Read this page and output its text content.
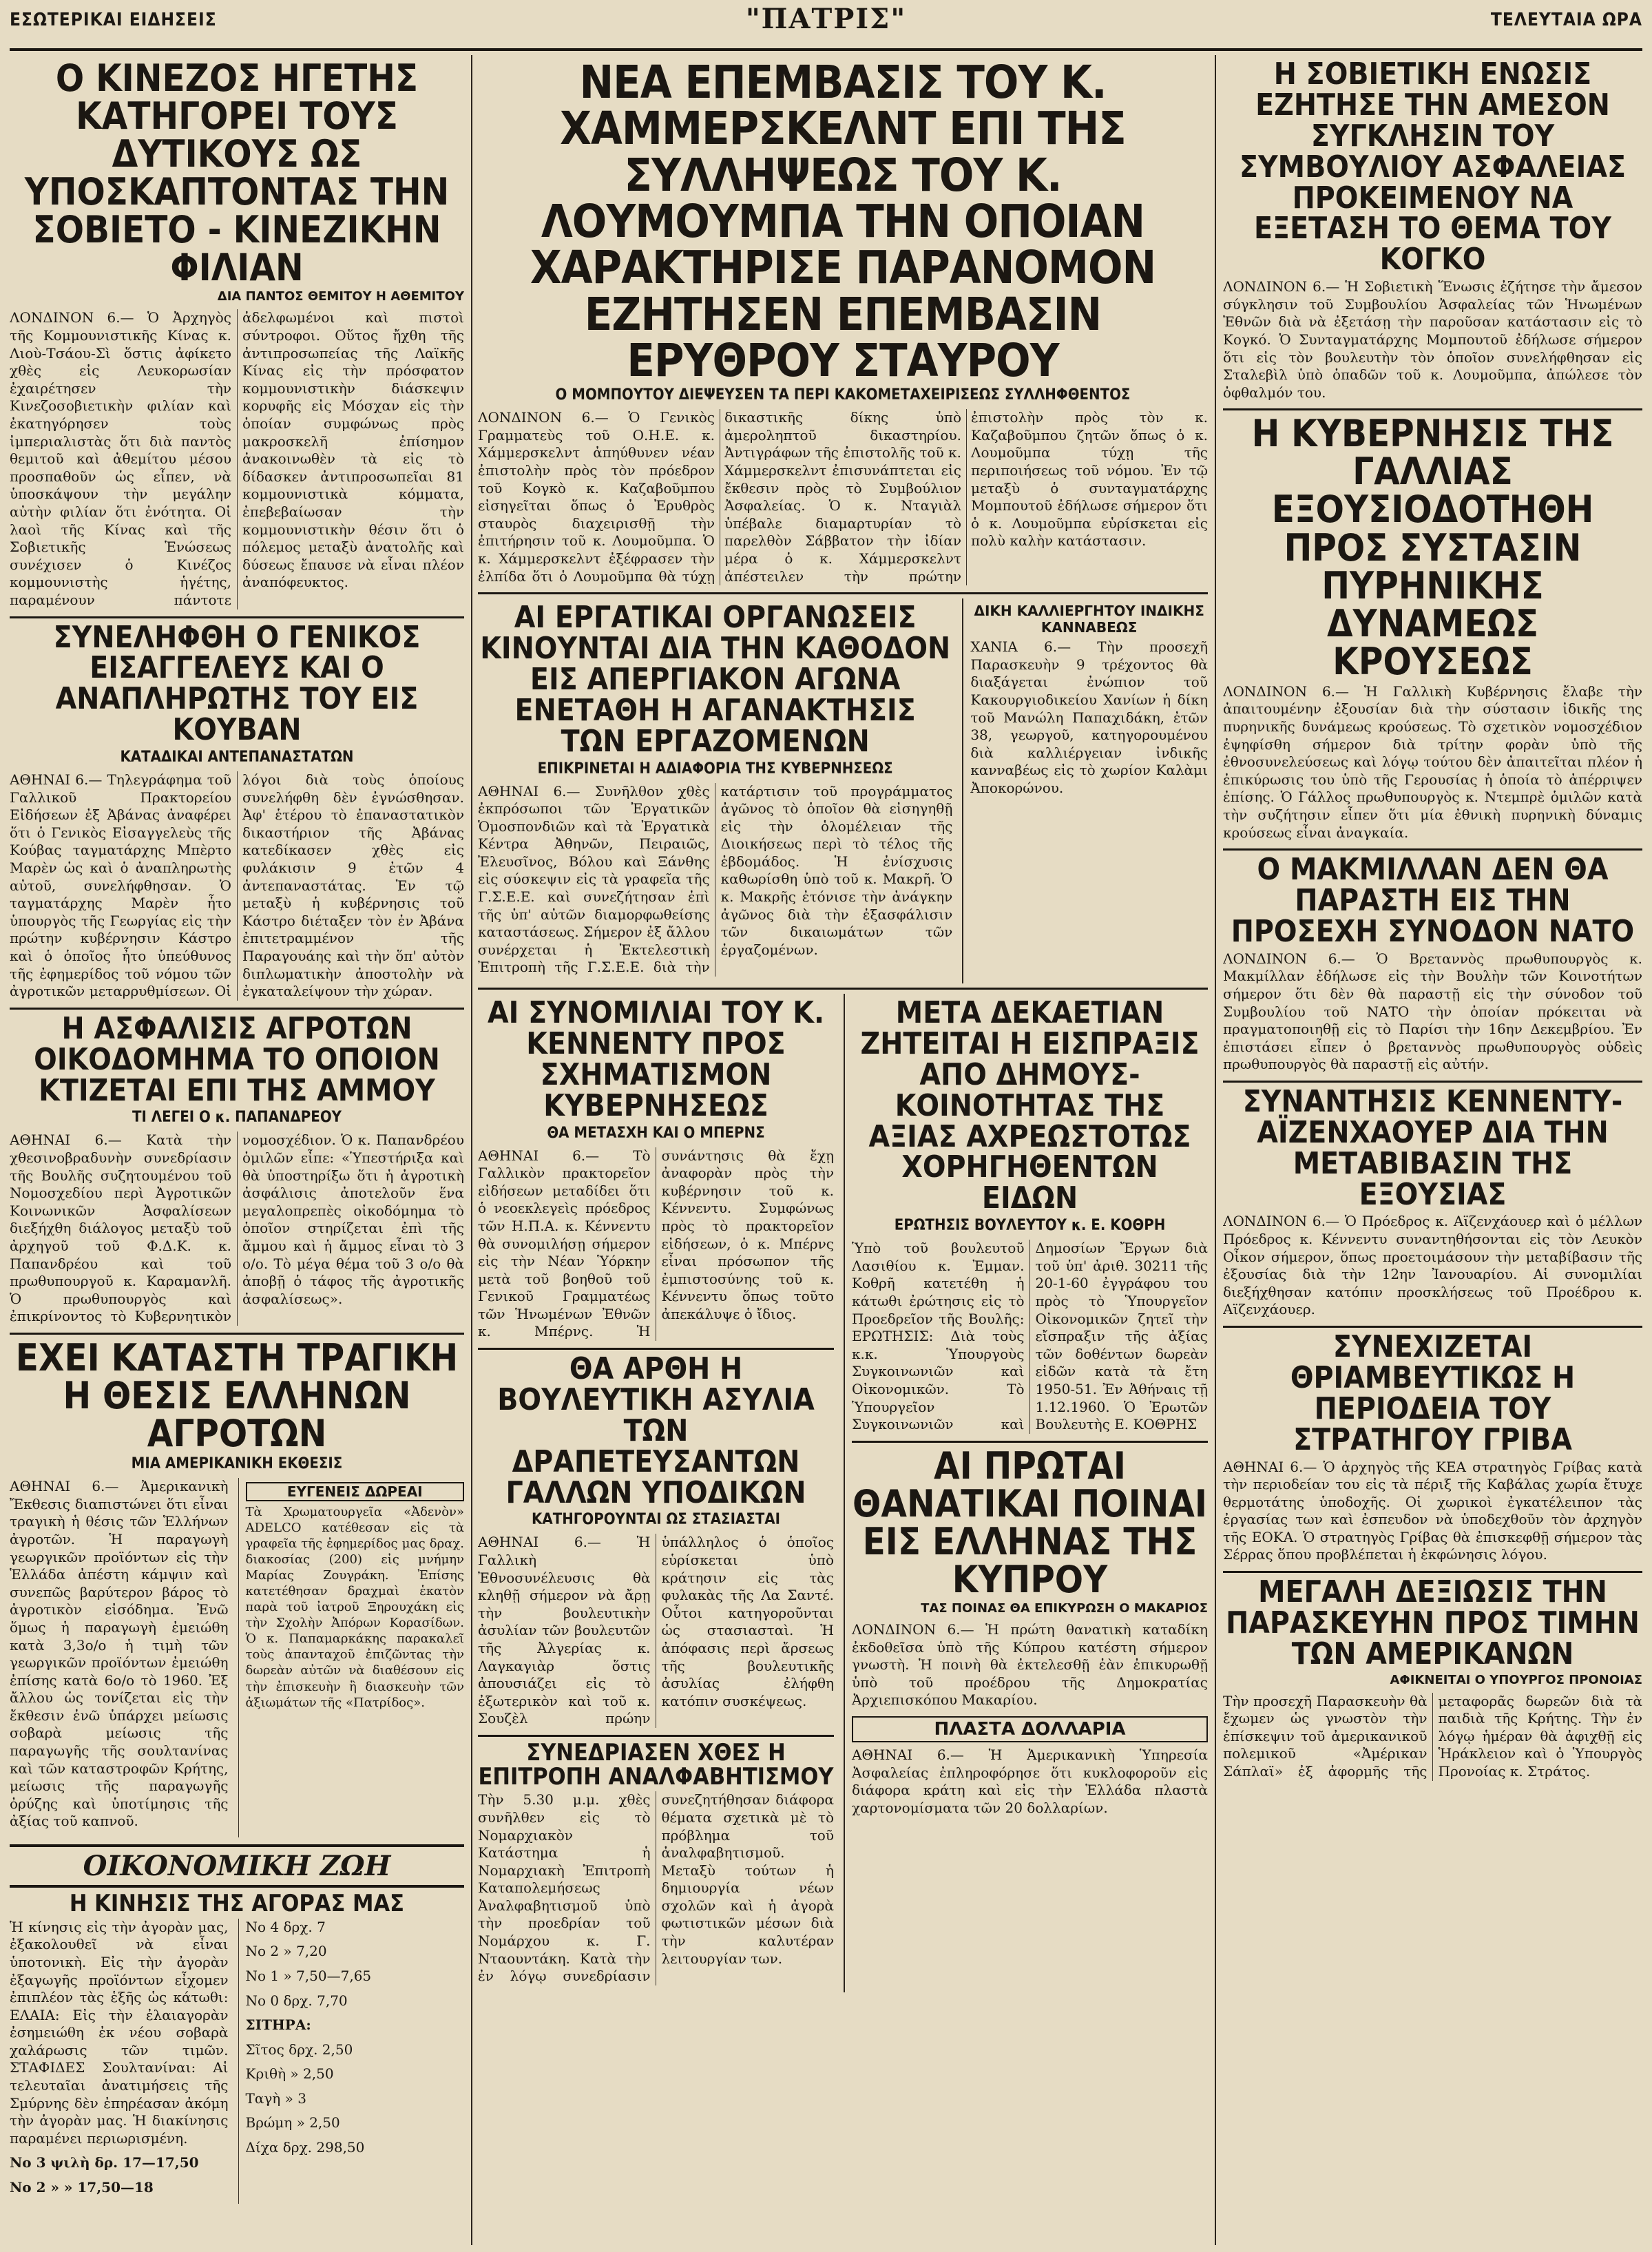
ΕΣΩΤΕΡΙΚΑΙ ΕΙΔΗΣΕΙΣ	"ΠΑΤΡΙΣ"	ΤΕΛΕΥΤΑΙΑ ΩΡΑ
Ο ΚΙΝΕΖΟΣ ΗΓΕΤΗΣ ΚΑΤΗΓΟΡΕΙ ΤΟΥΣ ΔΥΤΙΚΟΥΣ ΩΣ ΥΠΟΣΚΑΠΤΟΝΤΑΣ ΤΗΝ ΣΟΒΙΕΤΟ - ΚΙΝΕΖΙΚΗΝ ΦΙΛΙΑΝ
ΔΙΑ ΠΑΝΤΟΣ ΘΕΜΙΤΟΥ Η ΑΘΕΜΙΤΟΥ
ΛΟΝΔΙΝΟΝ 6.— Ὁ Ἀρχηγὸς τῆς Κομμουνιστικῆς Κίνας κ. Λιοὺ-Τσάου-Σὶ ὅστις ἀφίκετο χθὲς εἰς Λευκορωσίαν ἐχαιρέτησεν τὴν Κινεζοσοβιετικὴν φιλίαν καὶ ἐκατηγόρησεν τοὺς ἰμπεριαλιστὰς ὅτι διὰ παντὸς θεμιτοῦ καὶ ἀθεμίτου μέσου προσπαθοῦν ὡς εἶπεν, νὰ ὑποσκάψουν τὴν μεγάλην αὐτὴν φιλίαν ὅτι ἐνότητα. Οἱ λαοὶ τῆς Κίνας καὶ τῆς Σοβιετικῆς Ἑνώσεως συνέχισεν ὁ Κινέζος κομμουνιστὴς ἡγέτης, παραμένουν πάντοτε ἀδελφωμένοι καὶ πιστοὶ σύντροφοι. Οὕτος ἤχθη τῆς ἀντιπροσωπείας τῆς Λαϊκῆς Κίνας εἰς τὴν πρόσφατον κομμουνιστικὴν διάσκεψιν κορυφῆς εἰς Μόσχαν εἰς τὴν ὁποίαν συμφώνως πρὸς μακροσκελῆ ἐπίσημον ἀνακοινωθὲν τὰ εἰς τὸ δίδασκεν ἀντιπροσωπεῖαι 81 κομμουνιστικὰ κόμματα, ἐπεβεβαίωσαν τὴν κομμουνιστικὴν θέσιν ὅτι ὁ πόλεμος μεταξὺ ἀνατολῆς καὶ δύσεως ἔπαυσε νὰ εἶναι πλέον ἀναπόφευκτος.
ΣΥΝΕΛΗΦΘΗ Ο ΓΕΝΙΚΟΣ ΕΙΣΑΓΓΕΛΕΥΣ ΚΑΙ Ο ΑΝΑΠΛΗΡΩΤΗΣ ΤΟΥ ΕΙΣ ΚΟΥΒΑΝ
ΚΑΤΑΔΙΚΑΙ ΑΝΤΕΠΑΝΑΣΤΑΤΩΝ
ΑΘΗΝΑΙ 6.— Τηλεγράφημα τοῦ Γαλλικοῦ Πρακτορείου Εἰδήσεων ἐξ Ἀβάνας ἀναφέρει ὅτι ὁ Γενικὸς Εἰσαγγελεὺς τῆς Κούβας ταγματάρχης Μπὲρτο Μαρὲν ὡς καὶ ὁ ἀναπληρωτὴς αὐτοῦ, συνελήφθησαν. Ὁ ταγματάρχης Μαρὲν ἦτο ὑπουργὸς τῆς Γεωργίας εἰς τὴν πρώτην κυβέρνησιν Κάστρο καὶ ὁ ὁποῖος ἦτο ὑπεύθυνος τῆς ἐφημερίδος τοῦ νόμου τῶν ἀγροτικῶν μεταρρυθμίσεων. Οἱ λόγοι διὰ τοὺς ὁποίους συνελήφθη δὲν ἐγνώσθησαν. Ἀφ' ἑτέρου τὸ ἐπαναστατικὸν δικαστήριον τῆς Ἀβάνας κατεδίκασεν χθὲς εἰς φυλάκισιν 9 ἐτῶν 4 ἀντεπαναστάτας. Ἐν τῷ μεταξὺ ἡ κυβέρνησις τοῦ Κάστρο διέταξεν τὸν ἐν Ἀβάνα ἐπιτετραμμένον τῆς Παραγουάης καὶ τὴν ὅπ' αὐτὸν διπλωματικὴν ἀποστολὴν νὰ ἐγκαταλείψουν τὴν χώραν.
Η ΑΣΦΑΛΙΣΙΣ ΑΓΡΟΤΩΝ ΟΙΚΟΔΟΜΗΜΑ ΤΟ ΟΠΟΙΟΝ ΚΤΙΖΕΤΑΙ ΕΠΙ ΤΗΣ ΑΜΜΟΥ
ΤΙ ΛΕΓΕΙ Ο κ. ΠΑΠΑΝΔΡΕΟΥ
ΑΘΗΝΑΙ 6.— Κατὰ τὴν χθεσινοβραδυνὴν συνεδρίασιν τῆς Βουλῆς συζητουμένου τοῦ Νομοσχεδίου περὶ Ἀγροτικῶν Κοινωνικῶν Ἀσφαλίσεων διεξήχθη διάλογος μεταξὺ τοῦ ἀρχηγοῦ τοῦ Φ.Δ.Κ. κ. Παπανδρέου καὶ τοῦ πρωθυπουργοῦ κ. Καραμανλῆ. Ὁ πρωθυπουργὸς καὶ ἐπικρίνοντος τὸ Κυβερνητικὸν νομοσχέδιον. Ὁ κ. Παπανδρέου ὁμιλῶν εἶπε: «Ὑπεστήριξα καὶ θὰ ὑποστηρίξω ὅτι ἡ ἀγροτικὴ ἀσφάλισις ἀποτελοῦν ἕνα μεγαλοπρεπὲς οἰκοδόμημα τὸ ὁποῖον στηρίζεται ἐπὶ τῆς ἄμμου καὶ ἡ ἄμμος εἶναι τὸ 3 ο/ο. Τὸ μέγα θέμα τοῦ 3 ο/ο θὰ ἀποβῇ ὁ τάφος τῆς ἀγροτικῆς ἀσφαλίσεως».
ΕΧΕΙ ΚΑΤΑΣΤΗ ΤΡΑΓΙΚΗ Η ΘΕΣΙΣ ΕΛΛΗΝΩΝ ΑΓΡΟΤΩΝ
ΜΙΑ ΑΜΕΡΙΚΑΝΙΚΗ ΕΚΘΕΣΙΣ
ΑΘΗΝΑΙ 6.— Ἀμερικανικὴ Ἔκθεσις διαπιστώνει ὅτι εἶναι τραγικὴ ἡ θέσις τῶν Ἑλλήνων ἀγροτῶν. Ἡ παραγωγὴ γεωργικῶν προϊόντων εἰς τὴν Ἑλλάδα ἀπέστη κάμψιν καὶ συνεπῶς βαρύτερον βάρος τὸ ἀγροτικὸν εἰσόδημα. Ἐνῶ ὅμως ἡ παραγωγὴ ἐμειώθη κατὰ 3,3ο/ο ἡ τιμὴ τῶν γεωργικῶν προϊόντων ἐμειώθη ἐπίσης κατὰ 6ο/ο τὸ 1960. Ἐξ ἄλλου ὡς τονίζεται εἰς τὴν ἔκθεσιν ἐνῶ ὑπάρχει μείωσις σοβαρὰ μείωσις τῆς παραγωγῆς τῆς σουλτανίνας καὶ τῶν καταστροφῶν Κρήτης, μείωσις τῆς παραγωγῆς ὀρύζης καὶ ὑποτίμησις τῆς ἀξίας τοῦ καπνοῦ.
ΕΥΓΕΝΕΙΣ ΔΩΡΕΑΙ
Τὰ Χρωματουργεῖα «Ἀδενὸν» ADELCO κατέθεσαν εἰς τὰ γραφεῖα τῆς ἐφημερίδος μας δραχ. διακοσίας (200) εἰς μνήμην Μαρίας Ζουγράκη. Ἐπίσης κατετέθησαν δραχμαὶ ἑκατὸν παρὰ τοῦ ἰατροῦ Ξηρουχάκη εἰς τὴν Σχολὴν Ἀπόρων Κορασίδων. Ὁ κ. Παπαμαρκάκης παρακαλεῖ τοὺς ἀπανταχοῦ ἐπιζῶντας τὴν δωρεὰν αὐτῶν νὰ διαθέσουν εἰς τὴν ἐπισκευὴν ἢ διασκευὴν τῶν ἀξιωμάτων τῆς «Πατρίδος».
ΟΙΚΟΝΟΜΙΚΗ ΖΩΗ
Η ΚΙΝΗΣΙΣ ΤΗΣ ΑΓΟΡΑΣ ΜΑΣ
Ἡ κίνησις εἰς τὴν ἀγορὰν μας, ἐξακολουθεῖ νὰ εἶναι ὑποτονικὴ. Εἰς τὴν ἀγορὰν ἐξαγωγῆς προϊόντων εἶχομεν ἐπιπλέον τὰς ἑξῆς ὡς κάτωθι: ΕΛΑΙΑ: Εἰς τὴν ἐλαιαγορὰν ἐσημειώθη ἐκ νέου σοβαρὰ χαλάρωσις τῶν τιμῶν. ΣΤΑΦΙΔΕΣ Σουλτανίναι: Αἱ τελευταῖαι ἀνατιμήσεις τῆς Σμύρνης δὲν ἐπηρέασαν ἀκόμη τὴν ἀγορὰν μας. Ἡ διακίνησις παραμένει περιωρισμένη.
No 3 ψιλὴ δρ. 17—17,50
No 2 » » 17,50—18
No 4 δρχ. 7
No 2 » 7,20
No 1 » 7,50—7,65
No 0 δρχ. 7,70
ΣΙΤΗΡΑ:
Σῖτος δρχ. 2,50
Κριθὴ » 2,50
Ταγὴ » 3
Βρώμη » 2,50
Δίχα δρχ. 298,50
ΝΕΑ ΕΠΕΜΒΑΣΙΣ ΤΟΥ Κ. ΧΑΜΜΕΡΣΚΕΛΝΤ ΕΠΙ ΤΗΣ ΣΥΛΛΗΨΕΩΣ ΤΟΥ Κ. ΛΟΥΜΟΥΜΠΑ ΤΗΝ ΟΠΟΙΑΝ ΧΑΡΑΚΤΗΡΙΣΕ ΠΑΡΑΝΟΜΟΝ ΕΖΗΤΗΣΕΝ ΕΠΕΜΒΑΣΙΝ ΕΡΥΘΡΟΥ ΣΤΑΥΡΟΥ
Ο ΜΟΜΠΟΥΤΟΥ ΔΙΕΨΕΥΣΕΝ ΤΑ ΠΕΡΙ ΚΑΚΟΜΕΤΑΧΕΙΡΙΣΕΩΣ ΣΥΛΛΗΦΘΕΝΤΟΣ
ΛΟΝΔΙΝΟΝ 6.— Ὁ Γενικὸς Γραμματεὺς τοῦ Ο.Η.Ε. κ. Χάμμερσκελντ ἀπηύθυνεν νέαν ἐπιστολὴν πρὸς τὸν πρόεδρον τοῦ Κογκὸ κ. Καζαβοῦμπου εἰσηγεῖται ὅπως ὁ Ἐρυθρὸς σταυρὸς διαχειρισθῇ τὴν ἐπιτήρησιν τοῦ κ. Λουμοῦμπα. Ὁ κ. Χάμμερσκελντ ἐξέφρασεν τὴν ἐλπίδα ὅτι ὁ Λουμοῦμπα θὰ τύχῃ δικαστικῆς δίκης ὑπὸ ἀμεροληπτοῦ δικαστηρίου. Ἀντιγράφων τῆς ἐπιστολῆς τοῦ κ. Χάμμερσκελντ ἐπισυνάπτεται εἰς ἔκθεσιν πρὸς τὸ Συμβούλιον Ἀσφαλείας. Ὁ κ. Νταγιὰλ ὑπέβαλε διαμαρτυρίαν τὸ παρελθὸν Σάββατον τὴν ἰδίαν μέρα ὁ κ. Χάμμερσκελντ ἀπέστειλεν τὴν πρώτην ἐπιστολὴν πρὸς τὸν κ. Καζαβοῦμπου ζητῶν ὅπως ὁ κ. Λουμοῦμπα τύχῃ τῆς περιποιήσεως τοῦ νόμου. Ἐν τῷ μεταξὺ ὁ συνταγματάρχης Μομπουτοῦ ἐδήλωσε σήμερον ὅτι ὁ κ. Λουμοῦμπα εὑρίσκεται εἰς πολὺ καλὴν κατάστασιν.
ΑΙ ΕΡΓΑΤΙΚΑΙ ΟΡΓΑΝΩΣΕΙΣ ΚΙΝΟΥΝΤΑΙ ΔΙΑ ΤΗΝ ΚΑΘΟΔΟΝ ΕΙΣ ΑΠΕΡΓΙΑΚΟΝ ΑΓΩΝΑ ΕΝΕΤΑΘΗ Η ΑΓΑΝΑΚΤΗΣΙΣ ΤΩΝ ΕΡΓΑΖΟΜΕΝΩΝ
ΕΠΙΚΡΙΝΕΤΑΙ Η ΑΔΙΑΦΟΡΙΑ ΤΗΣ ΚΥΒΕΡΝΗΣΕΩΣ
ΑΘΗΝΑΙ 6.— Συνῆλθον χθὲς ἐκπρόσωποι τῶν Ἐργατικῶν Ὁμοσπονδιῶν καὶ τὰ Ἐργατικὰ Κέντρα Ἀθηνῶν, Πειραιῶς, Ἐλευσῖνος, Βόλου καὶ Ξάνθης εἰς σύσκεψιν εἰς τὰ γραφεῖα τῆς Γ.Σ.Ε.Ε. καὶ συνεζήτησαν ἐπὶ τῆς ὑπ' αὐτῶν διαμορφωθείσης καταστάσεως. Σήμερον ἐξ ἄλλου συνέρχεται ἡ Ἐκτελεστικὴ Ἐπιτροπὴ τῆς Γ.Σ.Ε.Ε. διὰ τὴν κατάρτισιν τοῦ προγράμματος ἀγῶνος τὸ ὁποῖον θὰ εἰσηγηθῇ εἰς τὴν ὁλομέλειαν τῆς Διοικήσεως περὶ τὸ τέλος τῆς ἑβδομάδος. Ἡ ἐνίσχυσις καθωρίσθη ὑπὸ τοῦ κ. Μακρῆ. Ὁ κ. Μακρῆς ἐτόνισε τὴν ἀνάγκην ἀγῶνος διὰ τὴν ἐξασφάλισιν τῶν δικαιωμάτων τῶν ἐργαζομένων.
ΔΙΚΗ ΚΑΛΛΙΕΡΓΗΤΟΥ ΙΝΔΙΚΗΣ ΚΑΝΝΑΒΕΩΣ
ΧΑΝΙΑ 6.— Τὴν προσεχῆ Παρασκευὴν 9 τρέχοντος θὰ διαξάγεται ἐνώπιον τοῦ Κακουργιοδικείου Χανίων ἡ δίκη τοῦ Μανώλη Παπαχιδάκη, ἐτῶν 38, γεωργοῦ, κατηγορουμένου διὰ καλλιέργειαν ἰνδικῆς κανναβέως εἰς τὸ χωρίον Καλὰμι Ἀποκορώνου.
ΑΙ ΣΥΝΟΜΙΛΙΑΙ ΤΟΥ Κ. ΚΕΝΝΕΝΤΥ ΠΡΟΣ ΣΧΗΜΑΤΙΣΜΟΝ ΚΥΒΕΡΝΗΣΕΩΣ
ΘΑ ΜΕΤΑΣΧΗ ΚΑΙ Ο ΜΠΕΡΝΣ
ΑΘΗΝΑΙ 6.— Τὸ Γαλλικὸν πρακτορεῖον εἰδήσεων μεταδίδει ὅτι ὁ νεοεκλεγεὶς πρόεδρος τῶν Η.Π.Α. κ. Κέννεντυ θὰ συνομιλήσῃ σήμερον εἰς τὴν Νέαν Ὑόρκην μετὰ τοῦ βοηθοῦ τοῦ Γενικοῦ Γραμματέως τῶν Ἡνωμένων Ἐθνῶν κ. Μπέρνς. Ἡ συνάντησις θὰ ἔχῃ ἀναφορὰν πρὸς τὴν κυβέρνησιν τοῦ κ. Κέννεντυ. Συμφώνως πρὸς τὸ πρακτορεῖον εἰδήσεων, ὁ κ. Μπέρνς εἶναι πρόσωπον τῆς ἐμπιστοσύνης τοῦ κ. Κέννεντυ ὅπως τοῦτο ἀπεκάλυψε ὁ ἴδιος.
ΘΑ ΑΡΘΗ Η ΒΟΥΛΕΥΤΙΚΗ ΑΣΥΛΙΑ ΤΩΝ ΔΡΑΠΕΤΕΥΣΑΝΤΩΝ ΓΑΛΛΩΝ ΥΠΟΔΙΚΩΝ
ΚΑΤΗΓΟΡΟΥΝΤΑΙ ΩΣ ΣΤΑΣΙΑΣΤΑΙ
ΑΘΗΝΑΙ 6.— Ἡ Γαλλικὴ Ἐθνοσυνέλευσις θὰ κληθῇ σήμερον νὰ ἄρῃ τὴν βουλευτικὴν ἀσυλίαν τῶν βουλευτῶν τῆς Ἀλγερίας κ. Λαγκαγιὰρ ὅστις ἀπουσιάζει εἰς τὸ ἐξωτερικὸν καὶ τοῦ κ. Σουζὲλ πρώην ὑπάλληλος ὁ ὁποῖος εὑρίσκεται ὑπὸ κράτησιν εἰς τὰς φυλακὰς τῆς Λα Σαντέ. Οὗτοι κατηγοροῦνται ὡς στασιασταὶ. Ἡ ἀπόφασις περὶ ἄρσεως τῆς βουλευτικῆς ἀσυλίας ἐλήφθη κατόπιν συσκέψεως.
ΣΥΝΕΔΡΙΑΣΕΝ ΧΘΕΣ Η ΕΠΙΤΡΟΠΗ ΑΝΑΛΦΑΒΗΤΙΣΜΟΥ
Τὴν 5.30 μ.μ. χθὲς συνῆλθεν εἰς τὸ Νομαρχιακὸν Κατάστημα ἡ Νομαρχιακὴ Ἐπιτροπὴ Καταπολεμήσεως Ἀναλφαβητισμοῦ ὑπὸ τὴν προεδρίαν τοῦ Νομάρχου κ. Γ. Νταουντάκη. Κατὰ τὴν ἐν λόγῳ συνεδρίασιν συνεζητήθησαν διάφορα θέματα σχετικὰ μὲ τὸ πρόβλημα τοῦ ἀναλφαβητισμοῦ. Μεταξὺ τούτων ἡ δημιουργία νέων σχολῶν καὶ ἡ ἀγορὰ φωτιστικῶν μέσων διὰ τὴν καλυτέραν λειτουργίαν των.
ΜΕΤΑ ΔΕΚΑΕΤΙΑΝ ΖΗΤΕΙΤΑΙ Η ΕΙΣΠΡΑΞΙΣ ΑΠΟ ΔΗΜΟΥΣ-ΚΟΙΝΟΤΗΤΑΣ ΤΗΣ ΑΞΙΑΣ ΑΧΡΕΩΣΤΟΤΩΣ ΧΟΡΗΓΗΘΕΝΤΩΝ ΕΙΔΩΝ
ΕΡΩΤΗΣΙΣ ΒΟΥΛΕΥΤΟΥ κ. Ε. ΚΟΘΡΗ
Ὑπὸ τοῦ βουλευτοῦ Λασιθίου κ. Ἐμμαν. Κοθρῆ κατετέθη ἡ κάτωθι ἐρώτησις εἰς τὸ Προεδρεῖον τῆς Βουλῆς: ΕΡΩΤΗΣΙΣ: Διὰ τοὺς κ.κ. Ὑπουργοὺς Συγκοινωνιῶν καὶ Οἰκονομικῶν. Τὸ Ὑπουργεῖον Συγκοινωνιῶν καὶ Δημοσίων Ἔργων διὰ τοῦ ὑπ' ἀριθ. 30211 τῆς 20-1-60 ἐγγράφου του πρὸς τὸ Ὑπουργεῖον Οἰκονομικῶν ζητεῖ τὴν εἴσπραξιν τῆς ἀξίας τῶν δοθέντων δωρεὰν εἰδῶν κατὰ τὰ ἔτη 1950-51. Ἐν Ἀθήναις τῇ 1.12.1960. Ὁ Ἐρωτῶν Βουλευτὴς Ε. ΚΟΘΡΗΣ
ΑΙ ΠΡΩΤΑΙ ΘΑΝΑΤΙΚΑΙ ΠΟΙΝΑΙ ΕΙΣ ΕΛΛΗΝΑΣ ΤΗΣ ΚΥΠΡΟΥ
ΤΑΣ ΠΟΙΝΑΣ ΘΑ ΕΠΙΚΥΡΩΣΗ Ο ΜΑΚΑΡΙΟΣ
ΛΟΝΔΙΝΟΝ 6.— Ἡ πρώτη θανατικὴ καταδίκη ἐκδοθεῖσα ὑπὸ τῆς Κύπρου κατέστη σήμερον γνωστὴ. Ἡ ποινὴ θὰ ἐκτελεσθῇ ἐὰν ἐπικυρωθῇ ὑπὸ τοῦ προέδρου τῆς Δημοκρατίας Ἀρχιεπισκόπου Μακαρίου.
ΠΛΑΣΤΑ ΔΟΛΛΑΡΙΑ
ΑΘΗΝΑΙ 6.— Ἡ Ἀμερικανικὴ Ὑπηρεσία Ἀσφαλείας ἐπληροφόρησε ὅτι κυκλοφοροῦν εἰς διάφορα κράτη καὶ εἰς τὴν Ἑλλάδα πλαστὰ χαρτονομίσματα τῶν 20 δολλαρίων.
Η ΣΟΒΙΕΤΙΚΗ ΕΝΩΣΙΣ ΕΖΗΤΗΣΕ ΤΗΝ ΑΜΕΣΟΝ ΣΥΓΚΛΗΣΙΝ ΤΟΥ ΣΥΜΒΟΥΛΙΟΥ ΑΣΦΑΛΕΙΑΣ ΠΡΟΚΕΙΜΕΝΟΥ ΝΑ ΕΞΕΤΑΣΗ ΤΟ ΘΕΜΑ ΤΟΥ ΚΟΓΚΟ
ΛΟΝΔΙΝΟΝ 6.— Ἡ Σοβιετικὴ Ἕνωσις ἐζήτησε τὴν ἄμεσον σύγκλησιν τοῦ Συμβουλίου Ἀσφαλείας τῶν Ἡνωμένων Ἐθνῶν διὰ νὰ ἐξετάσῃ τὴν παροῦσαν κατάστασιν εἰς τὸ Κογκό. Ὁ Συνταγματάρχης Μομπουτοῦ ἐδήλωσε σήμερον ὅτι εἰς τὸν βουλευτὴν τὸν ὁποῖον συνελήφθησαν εἰς Σταλεβὶλ ὑπὸ ὁπαδῶν τοῦ κ. Λουμοῦμπα, ἀπώλεσε τὸν ὀφθαλμόν του.
Η ΚΥΒΕΡΝΗΣΙΣ ΤΗΣ ΓΑΛΛΙΑΣ ΕΞΟΥΣΙΟΔΟΤΗΘΗ ΠΡΟΣ ΣΥΣΤΑΣΙΝ ΠΥΡΗΝΙΚΗΣ ΔΥΝΑΜΕΩΣ ΚΡΟΥΣΕΩΣ
ΛΟΝΔΙΝΟΝ 6.— Ἡ Γαλλικὴ Κυβέρνησις ἔλαβε τὴν ἀπαιτουμένην ἐξουσίαν διὰ τὴν σύστασιν ἰδικῆς της πυρηνικῆς δυνάμεως κρούσεως. Τὸ σχετικὸν νομοσχέδιον ἐψηφίσθη σήμερον διὰ τρίτην φορὰν ὑπὸ τῆς ἐθνοσυνελεύσεως καὶ λόγῳ τούτου δὲν ἀπαιτεῖται πλέον ἡ ἐπικύρωσις του ὑπὸ τῆς Γερουσίας ἡ ὁποία τὸ ἀπέρριψεν ἐπίσης. Ὁ Γάλλος πρωθυπουργὸς κ. Ντεμπρὲ ὁμιλῶν κατὰ τὴν συζήτησιν εἶπεν ὅτι μία ἐθνικὴ πυρηνικὴ δύναμις κρούσεως εἶναι ἀναγκαία.
Ο ΜΑΚΜΙΛΛΑΝ ΔΕΝ ΘΑ ΠΑΡΑΣΤΗ ΕΙΣ ΤΗΝ ΠΡΟΣΕΧΗ ΣΥΝΟΔΟΝ ΝΑΤΟ
ΛΟΝΔΙΝΟΝ 6.— Ὁ Βρεταννὸς πρωθυπουργὸς κ. Μακμίλλαν ἐδήλωσε εἰς τὴν Βουλὴν τῶν Κοινοτήτων σήμερον ὅτι δὲν θὰ παραστῇ εἰς τὴν σύνοδον τοῦ Συμβουλίου τοῦ ΝΑΤΟ τὴν ὁποίαν πρόκειται νὰ πραγματοποιηθῇ εἰς τὸ Παρίσι τὴν 16ην Δεκεμβρίου. Ἐν ἐπιστάσει εἶπεν ὁ βρεταννὸς πρωθυπουργὸς οὐδεὶς πρωθυπουργὸς θὰ παραστῇ εἰς αὐτήν.
ΣΥΝΑΝΤΗΣΙΣ ΚΕΝΝΕΝΤΥ-ΑΪΖΕΝΧΑΟΥΕΡ ΔΙΑ ΤΗΝ ΜΕΤΑΒΙΒΑΣΙΝ ΤΗΣ ΕΞΟΥΣΙΑΣ
ΛΟΝΔΙΝΟΝ 6.— Ὁ Πρόεδρος κ. Αϊζενχάουερ καὶ ὁ μέλλων Πρόεδρος κ. Κέννεντυ συναντηθήσονται εἰς τὸν Λευκὸν Οἶκον σήμερον, ὅπως προετοιμάσουν τὴν μεταβίβασιν τῆς ἐξουσίας διὰ τὴν 12ην Ἰανουαρίου. Αἱ συνομιλίαι διεξήχθησαν κατόπιν προσκλήσεως τοῦ Προέδρου κ. Αϊζενχάουερ.
ΣΥΝΕΧΙΖΕΤΑΙ ΘΡΙΑΜΒΕΥΤΙΚΩΣ Η ΠΕΡΙΟΔΕΙΑ ΤΟΥ ΣΤΡΑΤΗΓΟΥ ΓΡΙΒΑ
ΑΘΗΝΑΙ 6.— Ὁ ἀρχηγὸς τῆς ΚΕΑ στρατηγὸς Γρίβας κατὰ τὴν περιοδείαν του εἰς τὰ πέριξ τῆς Καβάλας χωρία ἔτυχε θερμοτάτης ὑποδοχῆς. Οἱ χωρικοὶ ἐγκατέλειπον τὰς ἐργασίας των καὶ ἐσπευδον νὰ ὑποδεχθοῦν τὸν ἀρχηγὸν τῆς ΕΟΚΑ. Ὁ στρατηγὸς Γρίβας θὰ ἐπισκεφθῇ σήμερον τὰς Σέρρας ὅπου προβλέπεται ἡ ἐκφώνησις λόγου.
ΜΕΓΑΛΗ ΔΕΞΙΩΣΙΣ ΤΗΝ ΠΑΡΑΣΚΕΥΗΝ ΠΡΟΣ ΤΙΜΗΝ ΤΩΝ ΑΜΕΡΙΚΑΝΩΝ
ΑΦΙΚΝΕΙΤΑΙ Ο ΥΠΟΥΡΓΟΣ ΠΡΟΝΟΙΑΣ
Τὴν προσεχῆ Παρασκευὴν θὰ ἔχωμεν ὡς γνωστὸν τὴν ἐπίσκεψιν τοῦ ἀμερικανικοῦ πολεμικοῦ «Ἀμέρικαν Σάπλαϊ» ἐξ ἀφορμῆς τῆς μεταφορᾶς δωρεῶν διὰ τὰ παιδιὰ τῆς Κρήτης. Τὴν ἐν λόγῳ ἡμέραν θὰ ἀφιχθῇ εἰς Ἡράκλειον καὶ ὁ Ὑπουργὸς Προνοίας κ. Στράτος.
